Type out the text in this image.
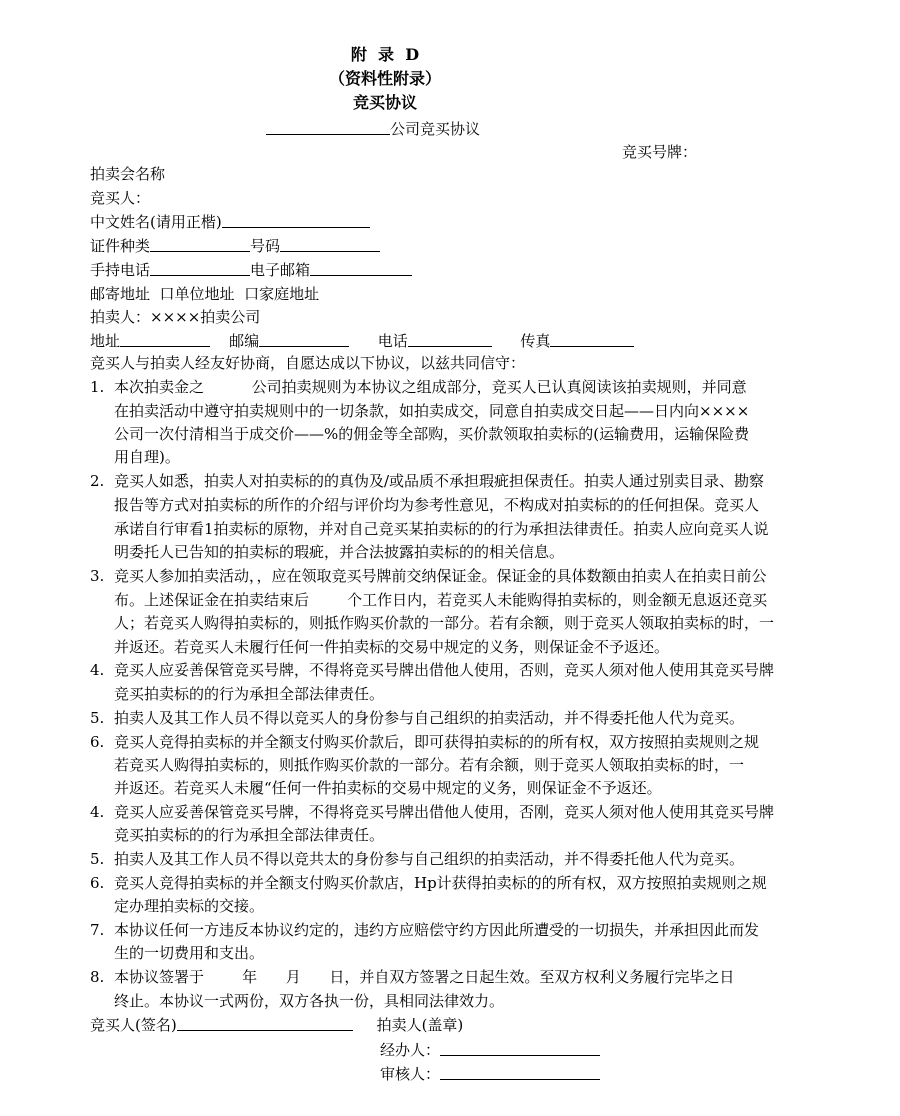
附  录  D
（资料性附录）
竞买协议
公司竞买协议
竞买号牌：
拍卖会名称
竞买人：
中文姓名(请用正楷)
证件种类	号码
手持电话	电子邮箱
邮寄地址  口单位地址  口家庭地址
拍卖人：××××拍卖公司
地址	邮编	电话	传真
竞买人与拍卖人经友好协商，自愿达成以下协议，以兹共同信守：
1. 本次拍卖金之          公司拍卖规则为本协议之组成部分，竞买人已认真阅读该拍卖规则，并同意
在拍卖活动中遵守拍卖规则中的一切条款，如拍卖成交，同意自拍卖成交日起——日内向××××
公司一次付清相当于成交价——%的佣金等全部购，买价款领取拍卖标的(运输费用，运输保险费
用自理)。
2. 竞买人如悉，拍卖人对拍卖标的的真伪及/或品质不承担瑕疵担保责任。拍卖人通过别卖目录、勘察
报告等方式对拍卖标的所作的介绍与评价均为参考性意见，不构成对拍卖标的的任何担保。竞买人
承诺自行审看1拍卖标的原物，并对自己竞买某拍卖标的的行为承担法律责任。拍卖人应向竞买人说
明委托人已告知的拍卖标的瑕疵，并合法披露拍卖标的的相关信息。
3. 竞买人参加拍卖活动，，应在领取竞买号牌前交纳保证金。保证金的具体数额由拍卖人在拍卖日前公
布。上述保证金在拍卖结束后        个工作日内，若竞买人未能购得拍卖标的，则金额无息返还竞买
人；若竞买人购得拍卖标的，则抵作购买价款的一部分。若有余额，则于竞买人领取拍卖标的时，一
并返还。若竞买人未履行任何一件拍卖标的交易中规定的义务，则保证金不予返还。
4. 竞买人应妥善保管竞买号牌，不得将竞买号牌出借他人使用，否则，竞买人须对他人使用其竞买号牌
竞买拍卖标的的行为承担全部法律责任。
5. 拍卖人及其工作人员不得以竞买人的身份参与自己组织的拍卖活动，并不得委托他人代为竞买。
6. 竞买人竞得拍卖标的并全额支付购买价款后，即可获得拍卖标的的所有权，双方按照拍卖规则之规
若竞买人购得拍卖标的，则抵作购买价款的一部分。若有余额，则于竞买人领取拍卖标的时，一
并返还。若竞买人未履“任何一件拍卖标的交易中规定的义务，则保证金不予返还。
4. 竞买人应妥善保管竞买号牌，不得将竞买号牌出借他人使用，否刚，竞买人须对他人使用其竞买号牌
竞买拍卖标的的行为承担全部法律责任。
5. 拍卖人及其工作人员不得以竞共太的身份参与自己组织的拍卖活动，并不得委托他人代为竞买。
6. 竞买人竞得拍卖标的并全额支付购买价款店，Hp计获得拍卖标的的所有权，双方按照拍卖规则之规
定办理拍卖标的交接。
7. 本协议任何一方违反本协议约定的，违约方应赔偿守约方因此所遭受的一切损失，并承担因此而发
生的一切费用和支出。
8. 本协议签署于        年      月      日，并自双方签署之日起生效。至双方权利义务履行完毕之日
终止。本协议一式两份，双方各执一份，具相同法律效力。
竞买人(签名)	拍卖人(盖章)
经办人：
审核人：
